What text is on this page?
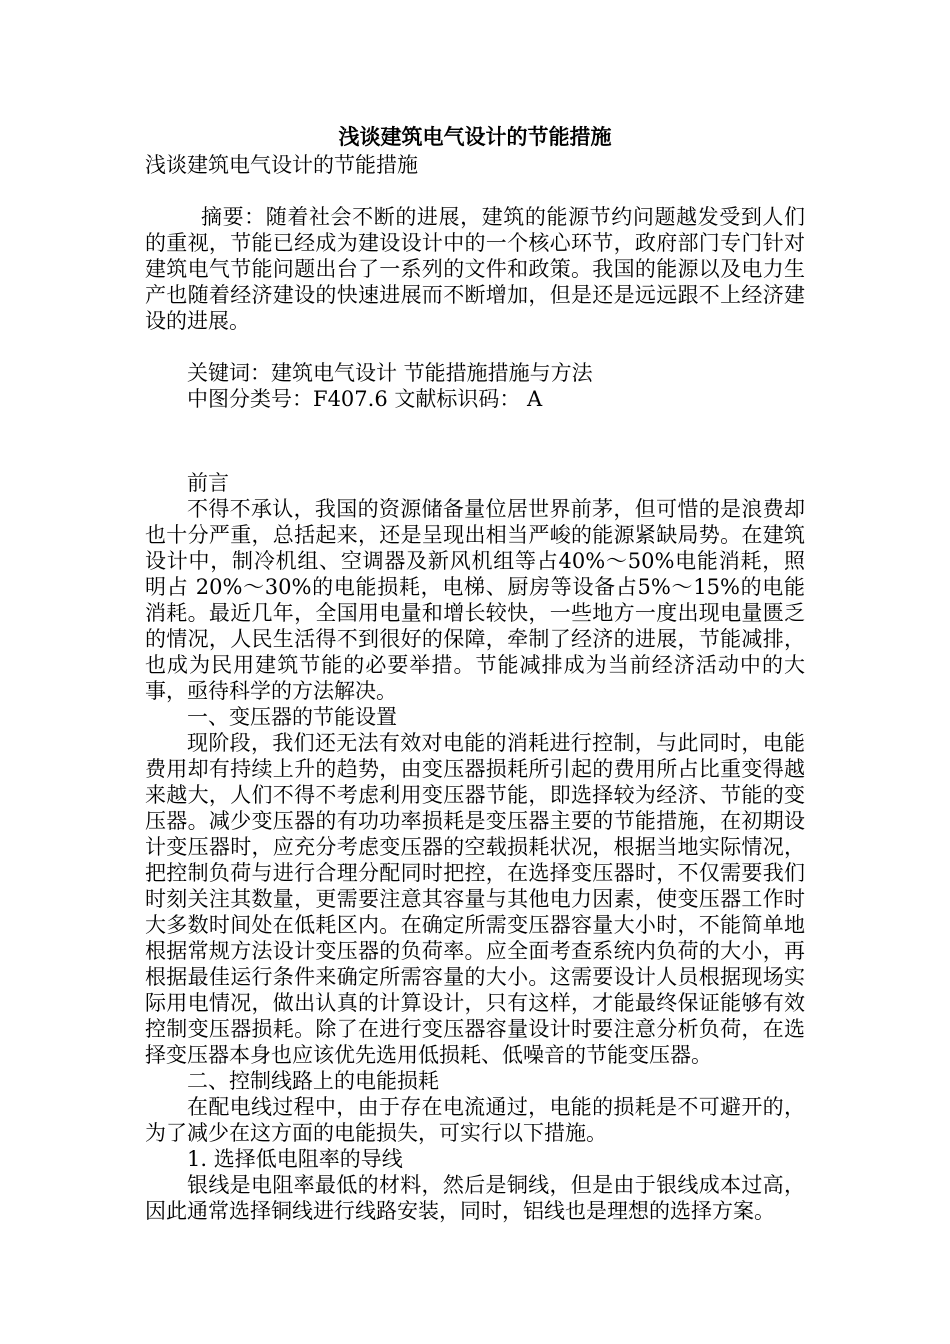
浅谈建筑电气设计的节能措施

浅谈建筑电气设计的节能措施

摘要：随着社会不断的进展，建筑的能源节约问题越发受到人们的重视，节能已经成为建设设计中的一个核心环节，政府部门专门针对建筑电气节能问题出台了一系列的文件和政策。我国的能源以及电力生产也随着经济建设的快速进展而不断增加，但是还是远远跟不上经济建设的进展。

关键词：建筑电气设计 节能措施措施与方法

中图分类号：F407.6 文献标识码： A

前言

不得不承认，我国的资源储备量位居世界前茅，但可惜的是浪费却也十分严重，总括起来，还是呈现出相当严峻的能源紧缺局势。在建筑设计中，制冷机组、空调器及新风机组等占40%～50%电能消耗，照明占 20%～30%的电能损耗，电梯、厨房等设备占5%～15%的电能消耗。最近几年，全国用电量和增长较快，一些地方一度出现电量匮乏的情况，人民生活得不到很好的保障，牵制了经济的进展，节能减排，也成为民用建筑节能的必要举措。节能减排成为当前经济活动中的大事，亟待科学的方法解决。

一、变压器的节能设置

现阶段，我们还无法有效对电能的消耗进行控制，与此同时，电能费用却有持续上升的趋势，由变压器损耗所引起的费用所占比重变得越来越大，人们不得不考虑利用变压器节能，即选择较为经济、节能的变压器。减少变压器的有功功率损耗是变压器主要的节能措施，在初期设计变压器时，应充分考虑变压器的空载损耗状况，根据当地实际情况，把控制负荷与进行合理分配同时把控，在选择变压器时，不仅需要我们时刻关注其数量，更需要注意其容量与其他电力因素，使变压器工作时大多数时间处在低耗区内。在确定所需变压器容量大小时，不能简单地根据常规方法设计变压器的负荷率。应全面考查系统内负荷的大小，再根据最佳运行条件来确定所需容量的大小。这需要设计人员根据现场实际用电情况，做出认真的计算设计，只有这样，才能最终保证能够有效控制变压器损耗。除了在进行变压器容量设计时要注意分析负荷，在选择变压器本身也应该优先选用低损耗、低噪音的节能变压器。

二、控制线路上的电能损耗

在配电线过程中，由于存在电流通过，电能的损耗是不可避开的，为了减少在这方面的电能损失，可实行以下措施。

1. 选择低电阻率的导线

银线是电阻率最低的材料，然后是铜线，但是由于银线成本过高，因此通常选择铜线进行线路安装，同时，铝线也是理想的选择方案。
